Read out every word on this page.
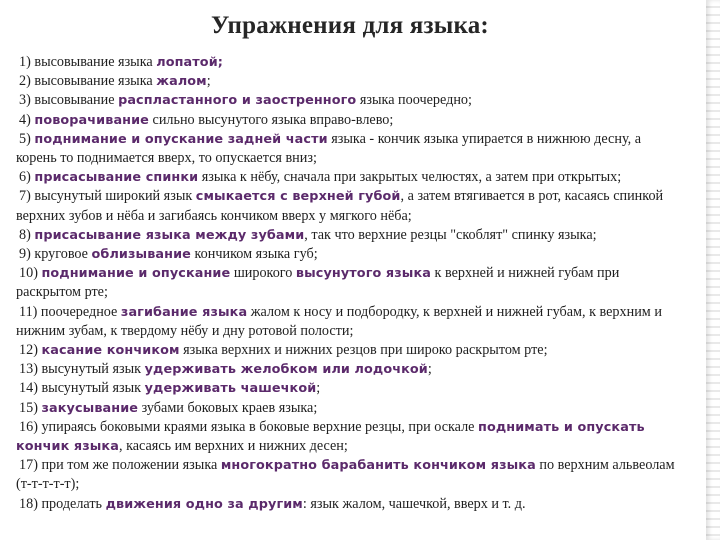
Упражнения для языка:
1) высовывание языка лопатой;
2) высовывание языка жалом;
3) высовывание распластанного и заостренного языка поочередно;
4) поворачивание сильно высунутого языка вправо-влево;
5) поднимание и опускание задней части языка - кончик языка упирается в нижнюю десну, а корень то поднимается вверх, то опускается вниз;
6) присасывание спинки языка к нёбу, сначала при закрытых челюстях, а затем при открытых;
7) высунутый широкий язык смыкается с верхней губой, а затем втягивается в рот, касаясь спинкой верхних зубов и нёба и загибаясь кончиком вверх у мягкого нёба;
8) присасывание языка между зубами, так что верхние резцы "скоблят" спинку языка;
9) круговое облизывание кончиком языка губ;
10) поднимание и опускание широкого высунутого языка к верхней и нижней губам при раскрытом рте;
11) поочередное загибание языка жалом к носу и подбородку, к верхней и нижней губам, к верхним и нижним зубам, к твердому нёбу и дну ротовой полости;
12) касание кончиком языка верхних и нижних резцов при широко раскрытом рте;
13) высунутый язык удерживать желобком или лодочкой;
14) высунутый язык удерживать чашечкой;
15) закусывание зубами боковых краев языка;
16) упираясь боковыми краями языка в боковые верхние резцы, при оскале поднимать и опускать кончик языка, касаясь им верхних и нижних десен;
17) при том же положении языка многократно барабанить кончиком языка по верхним альвеолам (т-т-т-т-т);
18) проделать движения одно за другим: язык жалом, чашечкой, вверх и т. д.
